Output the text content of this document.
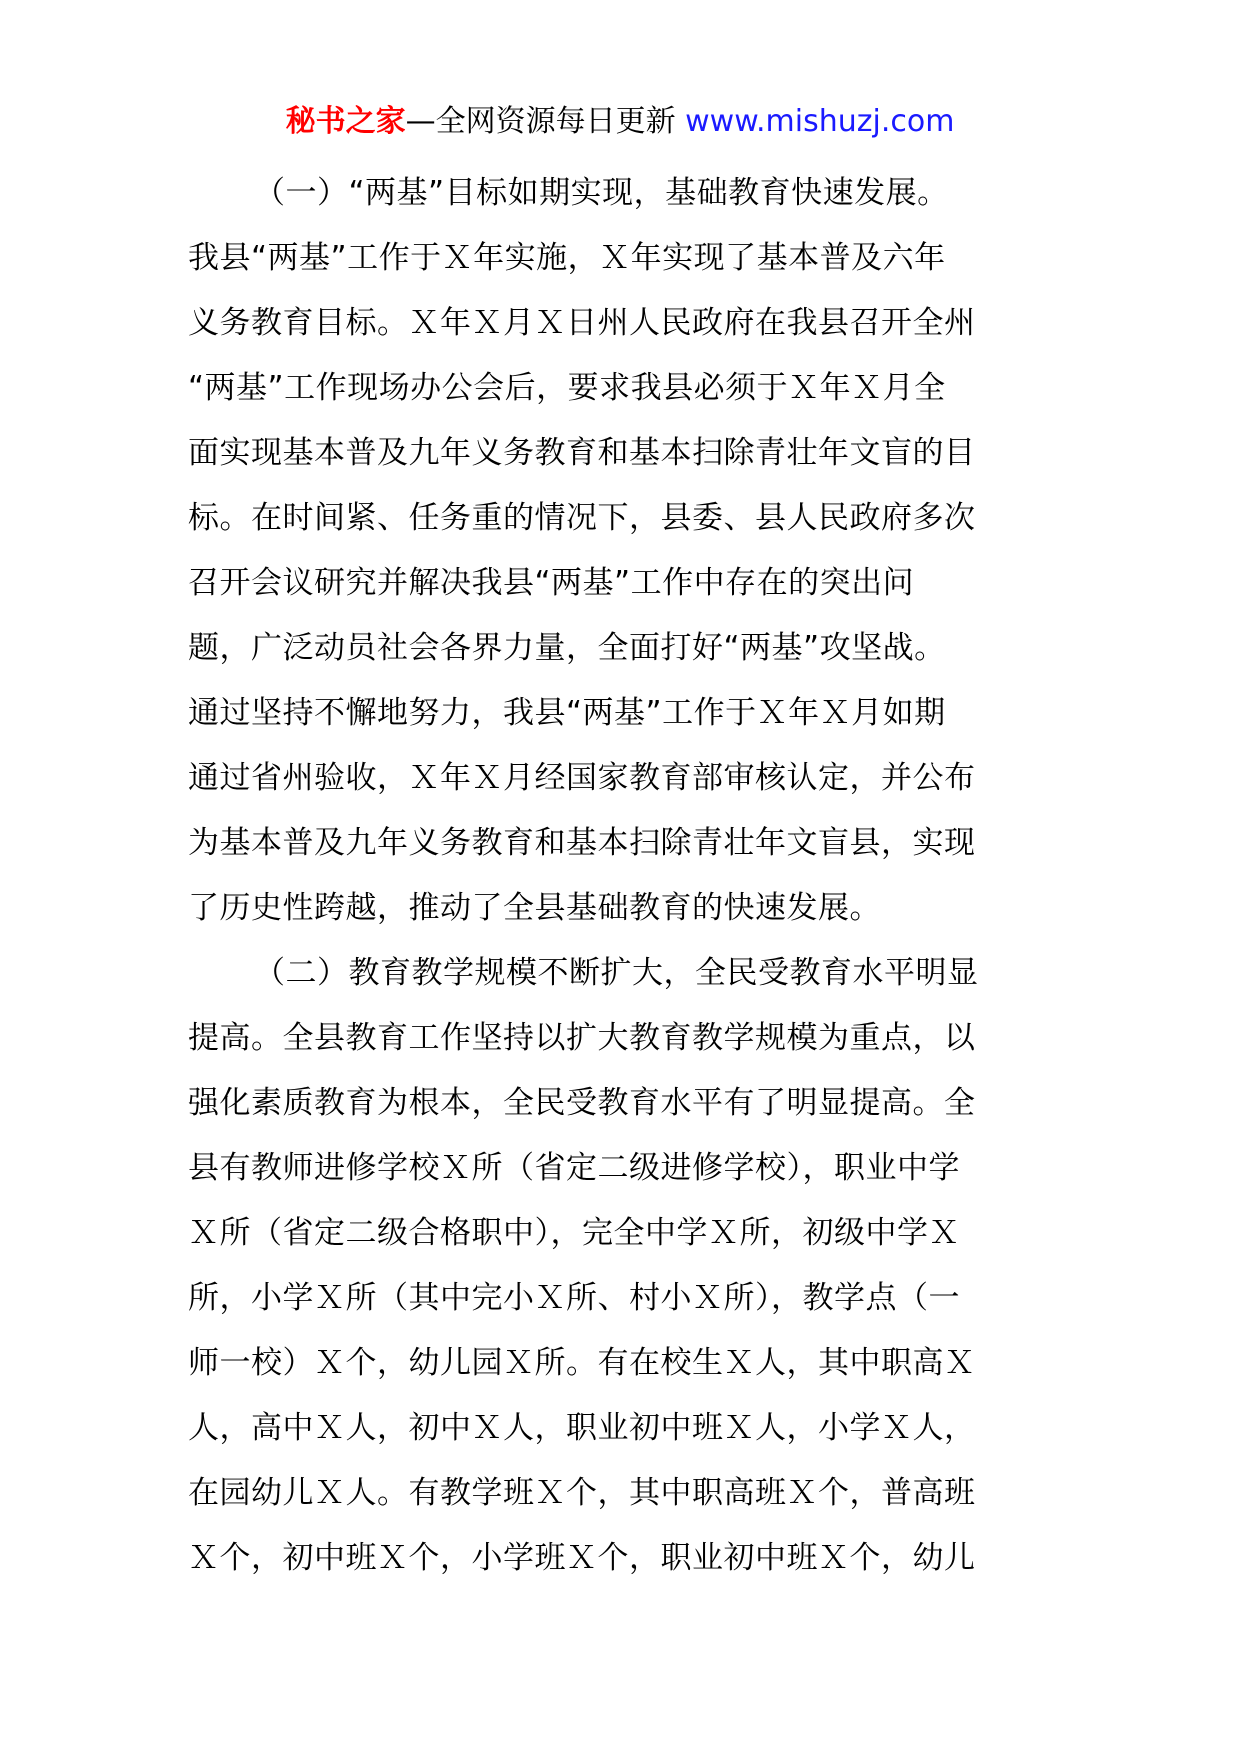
秘书之家—全网资源每日更新 www.mishuzj.com
（一）“两基”目标如期实现，基础教育快速发展。
我县“两基”工作于Ｘ年实施，Ｘ年实现了基本普及六年
义务教育目标。Ｘ年Ｘ月Ｘ日州人民政府在我县召开全州
“两基”工作现场办公会后，要求我县必须于Ｘ年Ｘ月全
面实现基本普及九年义务教育和基本扫除青壮年文盲的目
标。在时间紧、任务重的情况下，县委、县人民政府多次
召开会议研究并解决我县“两基”工作中存在的突出问
题，广泛动员社会各界力量，全面打好“两基”攻坚战。
通过坚持不懈地努力，我县“两基”工作于Ｘ年Ｘ月如期
通过省州验收，Ｘ年Ｘ月经国家教育部审核认定，并公布
为基本普及九年义务教育和基本扫除青壮年文盲县，实现
了历史性跨越，推动了全县基础教育的快速发展。
（二）教育教学规模不断扩大，全民受教育水平明显
提高。全县教育工作坚持以扩大教育教学规模为重点，以
强化素质教育为根本，全民受教育水平有了明显提高。全
县有教师进修学校Ｘ所（省定二级进修学校），职业中学
Ｘ所（省定二级合格职中），完全中学Ｘ所，初级中学Ｘ
所，小学Ｘ所（其中完小Ｘ所、村小Ｘ所），教学点（一
师一校）Ｘ个，幼儿园Ｘ所。有在校生Ｘ人，其中职高Ｘ
人，高中Ｘ人，初中Ｘ人，职业初中班Ｘ人，小学Ｘ人，
在园幼儿Ｘ人。有教学班Ｘ个，其中职高班Ｘ个，普高班
Ｘ个，初中班Ｘ个，小学班Ｘ个，职业初中班Ｘ个，幼儿
